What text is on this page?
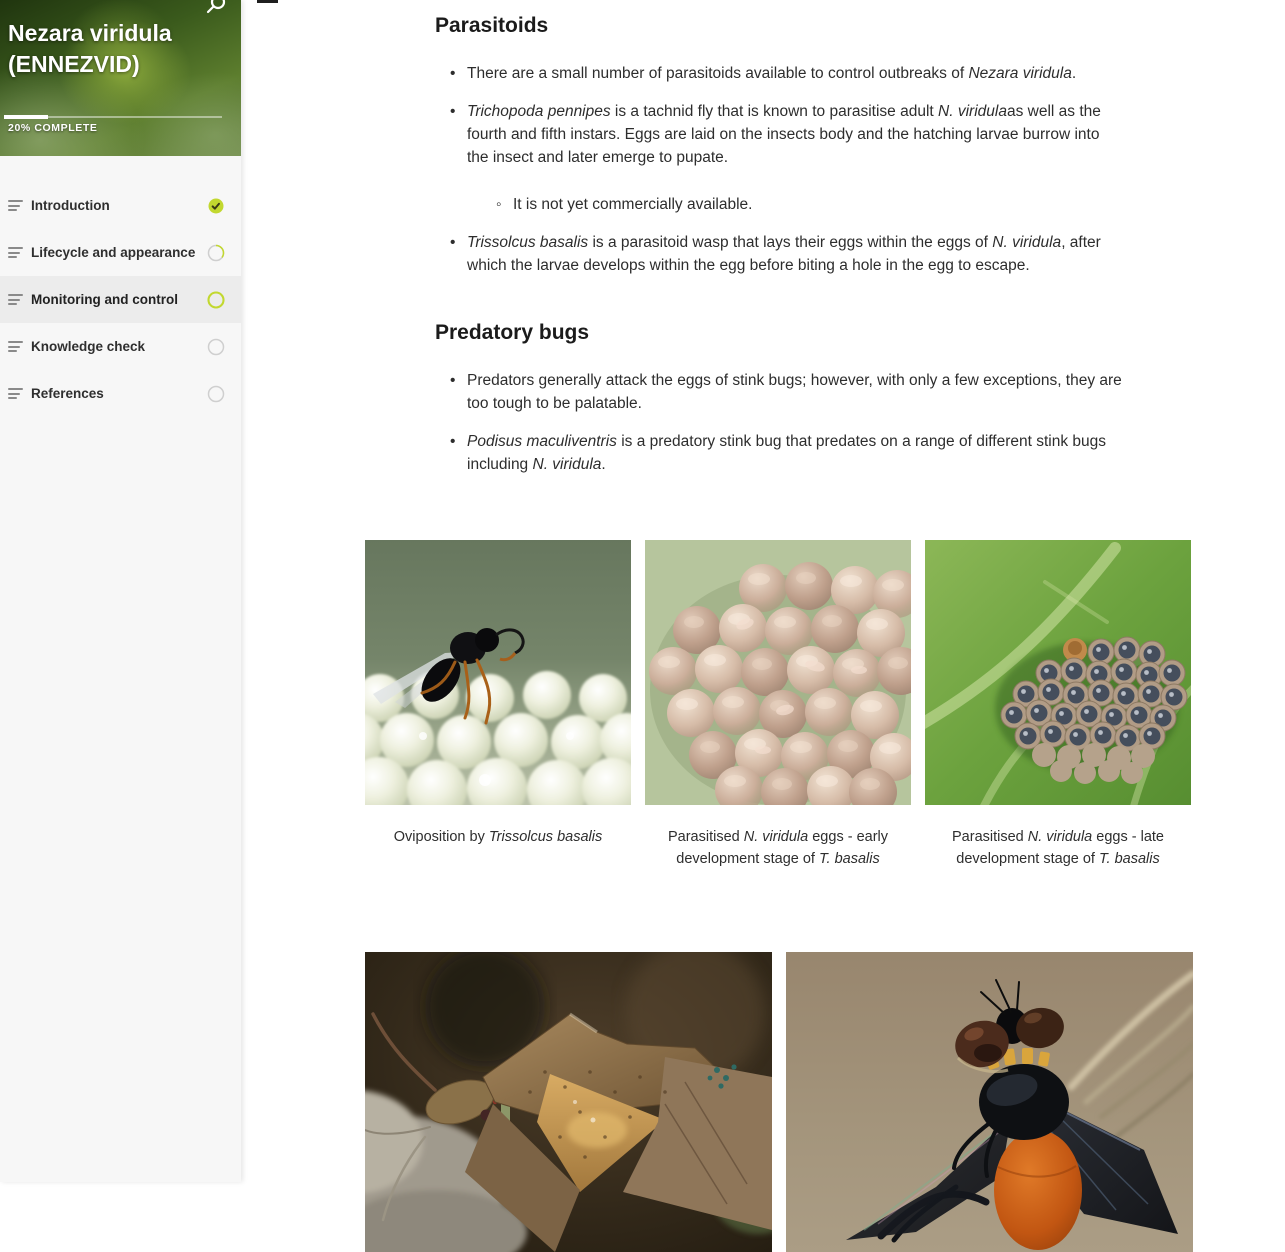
Nezara viridula (ENNEZVID)
20% COMPLETE
Introduction
Lifecycle and appearance
Monitoring and control
Knowledge check
References
Parasitoids
• There are a small number of parasitoids available to control outbreaks of Nezara viridula.
• Trichopoda pennipes is a tachnid fly that is known to parasitise adult N. viridulaas well as the fourth and fifth instars. Eggs are laid on the insects body and the hatching larvae burrow into the insect and later emerge to pupate.
◦ It is not yet commercially available.
• Trissolcus basalis is a parasitoid wasp that lays their eggs within the eggs of N. viridula, after which the larvae develops within the egg before biting a hole in the egg to escape.
Predatory bugs
• Predators generally attack the eggs of stink bugs; however, with only a few exceptions, they are too tough to be palatable.
• Podisus maculiventris is a predatory stink bug that predates on a range of different stink bugs including N. viridula.
Oviposition by Trissolcus basalis	Parasitised N. viridula eggs - early development stage of T. basalis
Parasitised N. viridula eggs - late development stage of T. basalis
